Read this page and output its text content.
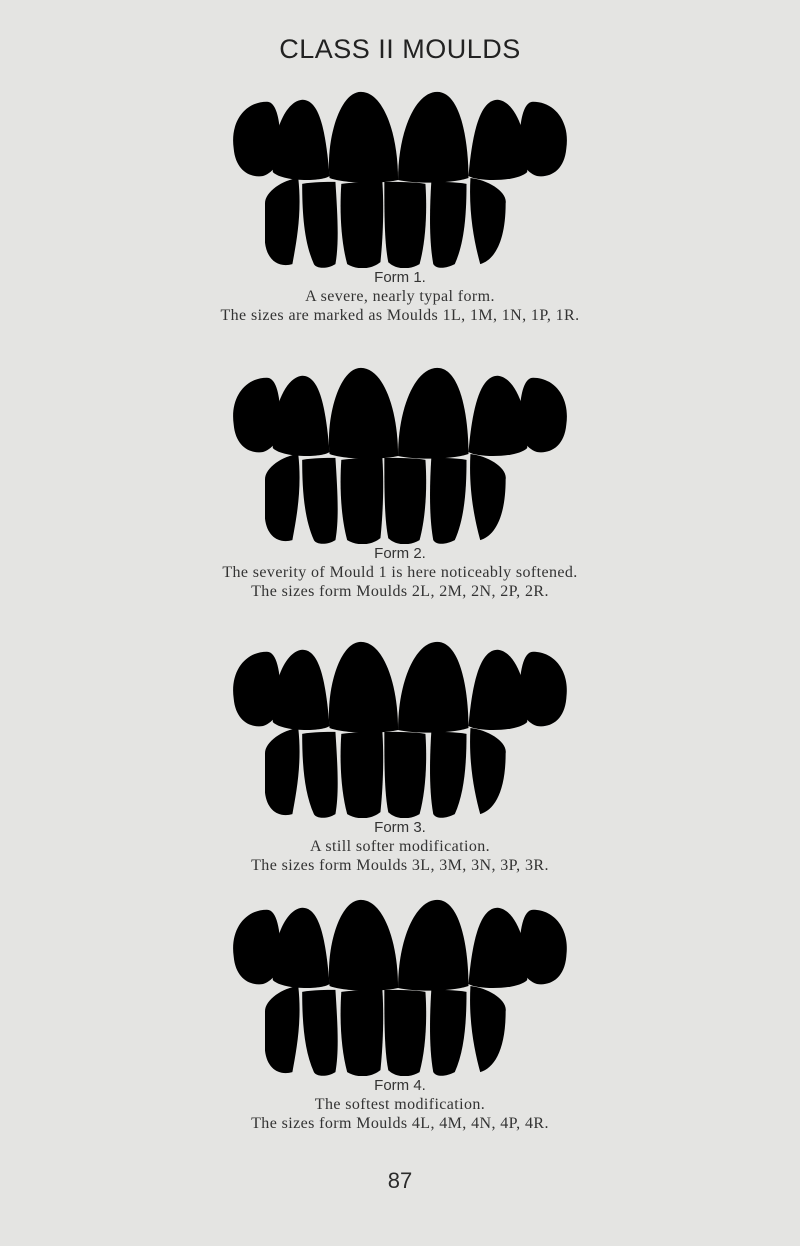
CLASS II MOULDS
Form 1.
A severe, nearly typal form.
The sizes are marked as Moulds 1L, 1M, 1N, 1P, 1R.
Form 2.
The severity of Mould 1 is here noticeably softened.
The sizes form Moulds 2L, 2M, 2N, 2P, 2R.
Form 3.
A still softer modification.
The sizes form Moulds 3L, 3M, 3N, 3P, 3R.
Form 4.
The softest modification.
The sizes form Moulds 4L, 4M, 4N, 4P, 4R.
87
